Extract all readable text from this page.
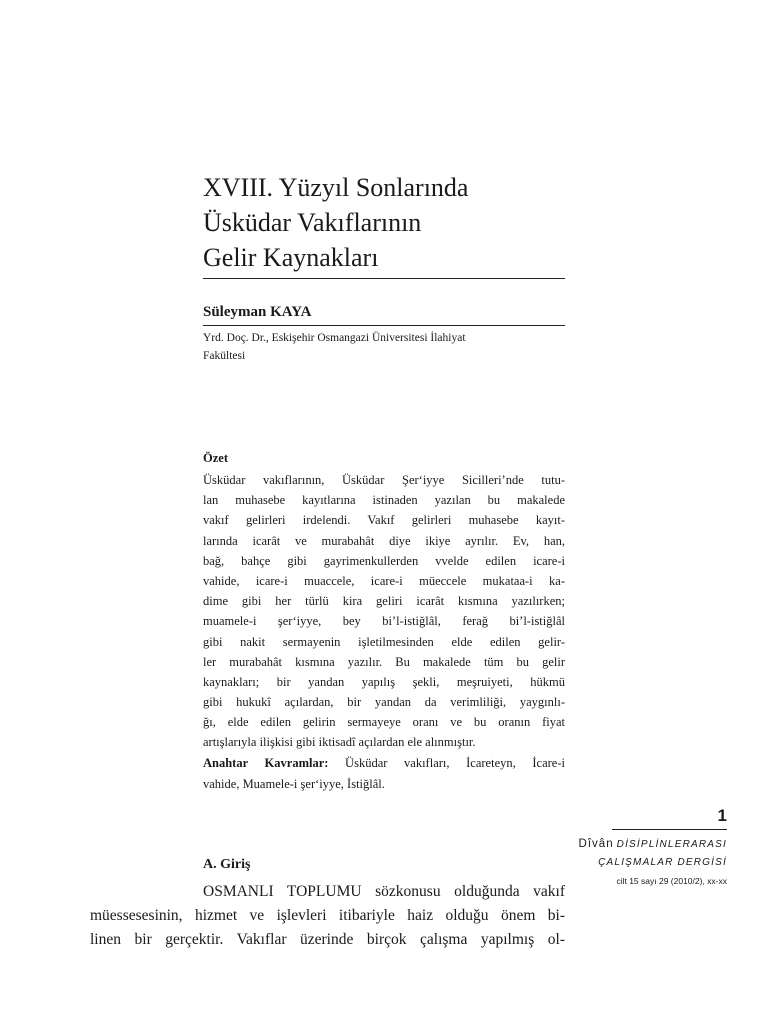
XVIII. Yüzyıl Sonlarında
Üsküdar Vakıflarının
Gelir Kaynakları
Süleyman KAYA
Yrd. Doç. Dr., Eskişehir Osmangazi Üniversitesi İlahiyat
Fakültesi
Özet
Üsküdar vakıflarının, Üsküdar Şer‘iyye Sicilleri’nde tutu-
lan muhasebe kayıtlarına istinaden yazılan bu makalede
vakıf gelirleri irdelendi. Vakıf gelirleri muhasebe kayıt-
larında icarât ve murabahât diye ikiye ayrılır. Ev, han,
bağ, bahçe gibi gayrimenkullerden vvelde edilen icare-i
vahide, icare-i muaccele, icare-i müeccele mukataa-i ka-
dime gibi her türlü kira geliri icarât kısmına yazılırken;
muamele-i şer‘iyye, bey bi’l-istiğlâl, ferağ bi’l-istiğlâl
gibi nakit sermayenin işletilmesinden elde edilen gelir-
ler murabahât kısmına yazılır. Bu makalede tüm bu gelir
kaynakları; bir yandan yapılış şekli, meşruiyeti, hükmü
gibi hukukî açılardan, bir yandan da verimliliği, yaygınlı-
ğı, elde edilen gelirin sermayeye oranı ve bu oranın fiyat
artışlarıyla ilişkisi gibi iktisadî açılardan ele alınmıştır.
Anahtar Kavramlar: Üsküdar vakıfları, İcareteyn, İcare-i
vahide, Muamele-i şer‘iyye, İstiğlâl.
1
Dîvân DİSİPLİNLERARASI
ÇALIŞMALAR DERGİSİ
cilt 15 sayı 29 (2010/2), xx-xx
A. Giriş
OSMANLI TOPLUMU sözkonusu olduğunda vakıf
müessesesinin, hizmet ve işlevleri itibariyle haiz olduğu önem bi-
linen bir gerçektir. Vakıflar üzerinde birçok çalışma yapılmış ol-
